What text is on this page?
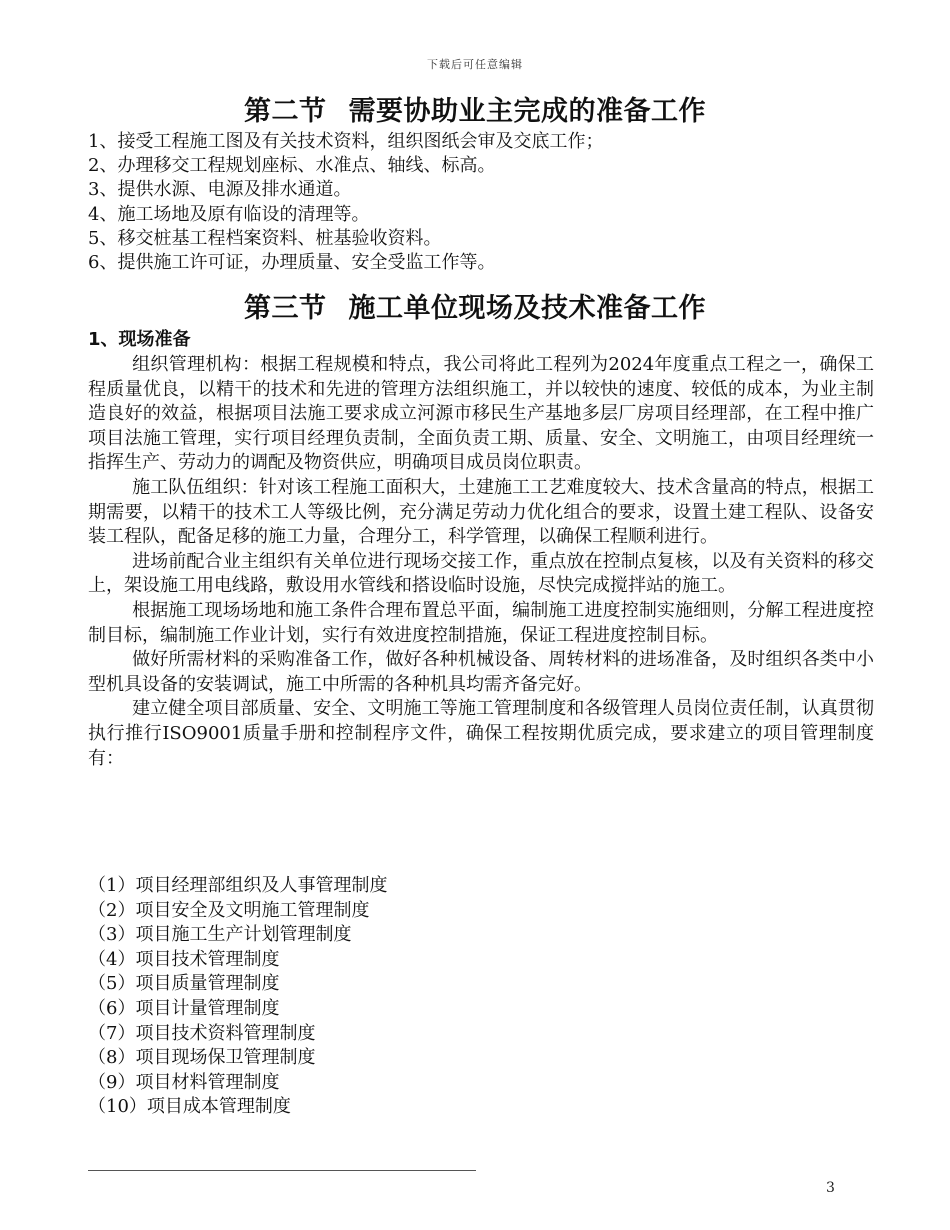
下载后可任意编辑
第二节 需要协助业主完成的准备工作
1、接受工程施工图及有关技术资料，组织图纸会审及交底工作；
2、办理移交工程规划座标、水准点、轴线、标高。
3、提供水源、电源及排水通道。
4、施工场地及原有临设的清理等。
5、移交桩基工程档案资料、桩基验收资料。
6、提供施工许可证，办理质量、安全受监工作等。
第三节 施工单位现场及技术准备工作
1、现场准备

组织管理机构：根据工程规模和特点，我公司将此工程列为2024年度重点工程之一，确保工程质量优良，以精干的技术和先进的管理方法组织施工，并以较快的速度、较低的成本，为业主制造良好的效益，根据项目法施工要求成立河源市移民生产基地多层厂房项目经理部，在工程中推广项目法施工管理，实行项目经理负责制，全面负责工期、质量、安全、文明施工，由项目经理统一指挥生产、劳动力的调配及物资供应，明确项目成员岗位职责。

施工队伍组织：针对该工程施工面积大，土建施工工艺难度较大、技术含量高的特点，根据工期需要，以精干的技术工人等级比例，充分满足劳动力优化组合的要求，设置土建工程队、设备安装工程队，配备足移的施工力量，合理分工，科学管理，以确保工程顺利进行。

进场前配合业主组织有关单位进行现场交接工作，重点放在控制点复核，以及有关资料的移交上，架设施工用电线路，敷设用水管线和搭设临时设施，尽快完成搅拌站的施工。

根据施工现场场地和施工条件合理布置总平面，编制施工进度控制实施细则，分解工程进度控制目标，编制施工作业计划，实行有效进度控制措施，保证工程进度控制目标。

做好所需材料的采购准备工作，做好各种机械设备、周转材料的进场准备，及时组织各类中小型机具设备的安装调试，施工中所需的各种机具均需齐备完好。

建立健全项目部质量、安全、文明施工等施工管理制度和各级管理人员岗位责任制，认真贯彻执行推行ISO9001质量手册和控制程序文件，确保工程按期优质完成，要求建立的项目管理制度有：

（1）项目经理部组织及人事管理制度
（2）项目安全及文明施工管理制度
（3）项目施工生产计划管理制度
（4）项目技术管理制度
（5）项目质量管理制度
（6）项目计量管理制度
（7）项目技术资料管理制度
（8）项目现场保卫管理制度
（9）项目材料管理制度
（10）项目成本管理制度
3
